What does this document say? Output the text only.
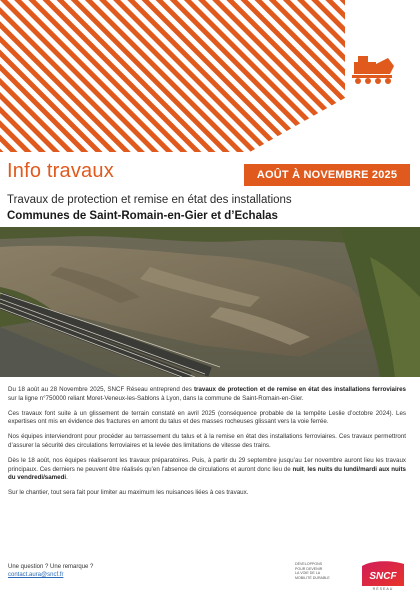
Info travaux	AOÛT À NOVEMBRE 2025
Travaux de protection et remise en état des installations
Communes de Saint-Romain-en-Gier et d’Echalas

Du 18 août au 28 Novembre 2025, SNCF Réseau entreprend des travaux de protection et de remise en état des installations ferroviaires sur la ligne n°750000 reliant Moret-Veneux-les-Sablons à Lyon, dans la commune de Saint-Romain-en-Gier.

Ces travaux font suite à un glissement de terrain constaté en avril 2025 (conséquence probable de la tempête Leslie d’octobre 2024). Les expertises ont mis en évidence des fractures en amont du talus et des masses rocheuses glissant vers la voie ferrée.

Nos équipes interviendront pour procéder au terrassement du talus et à la remise en état des installations ferroviaires. Ces travaux permettront d’assurer la sécurité des circulations ferroviaires et la levée des limitations de vitesse des trains.

Dès le 18 août, nos équipes réaliseront les travaux préparatoires. Puis, à partir du 29 septembre jusqu’au 1er novembre auront lieu les travaux principaux. Ces derniers ne peuvent être réalisés qu’en l’absence de circulations et auront donc lieu de nuit, les nuits du lundi/mardi aux nuits du vendredi/samedi.

Sur le chantier, tout sera fait pour limiter au maximum les nuisances liées à ces travaux.

Une question ? Une remarque ?
contact.aura@sncf.fr
DÉVELOPPONS
POUR DEVENIR
LA VOIE DE LA
MOBILITÉ DURABLE	SNCF
RÉSEAU
